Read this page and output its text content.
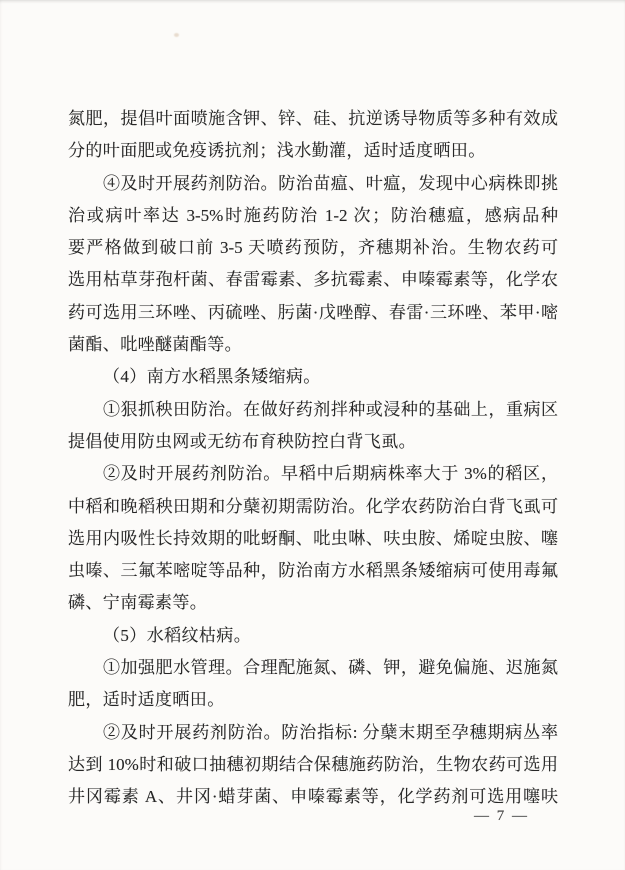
氮肥，提倡叶面喷施含钾、锌、硅、抗逆诱导物质等多种有效成
分的叶面肥或免疫诱抗剂；浅水勤灌，适时适度晒田。
④及时开展药剂防治。防治苗瘟、叶瘟，发现中心病株即挑
治或病叶率达 3-5%时施药防治 1-2 次；防治穗瘟，感病品种
要严格做到破口前 3-5 天喷药预防，齐穗期补治。生物农药可
选用枯草芽孢杆菌、春雷霉素、多抗霉素、申嗪霉素等，化学农
药可选用三环唑、丙硫唑、肟菌·戊唑醇、春雷·三环唑、苯甲·嘧
菌酯、吡唑醚菌酯等。
（4）南方水稻黑条矮缩病。
①狠抓秧田防治。在做好药剂拌种或浸种的基础上，重病区
提倡使用防虫网或无纺布育秧防控白背飞虱。
②及时开展药剂防治。早稻中后期病株率大于 3%的稻区，
中稻和晚稻秧田期和分蘖初期需防治。化学农药防治白背飞虱可
选用内吸性长持效期的吡蚜酮、吡虫啉、呋虫胺、烯啶虫胺、噻
虫嗪、三氟苯嘧啶等品种，防治南方水稻黑条矮缩病可使用毒氟
磷、宁南霉素等。
（5）水稻纹枯病。
①加强肥水管理。合理配施氮、磷、钾，避免偏施、迟施氮
肥，适时适度晒田。
②及时开展药剂防治。防治指标: 分蘖末期至孕穗期病丛率
达到 10%时和破口抽穗初期结合保穗施药防治，生物农药可选用
井冈霉素 A、井冈·蜡芽菌、申嗪霉素等，化学药剂可选用噻呋
— 7 —
